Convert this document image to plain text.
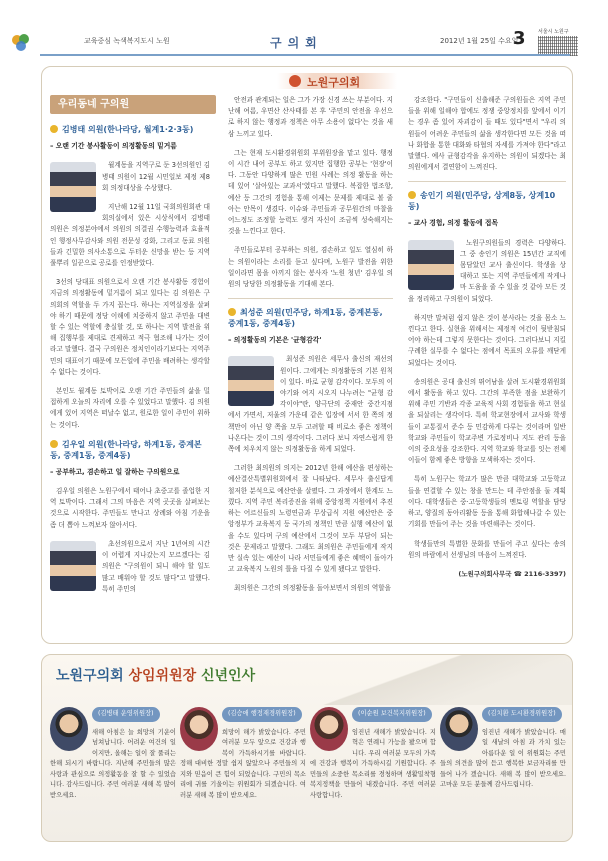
교육중심 녹색복지도시 노원	구의회	2012년 1월 25일 수요일
3 서울시 노원구
노원구의회
우리동네 구의원
김병태 의원(한나라당, 월계1·2·3동)
– 오랜 기간 봉사활동이 의정활동의 밑거름

월계동을 지역구로 둔 3선의원인 김병태 의원이 12월 시민일보 제정 제8회 의정대상을 수상했다.

지난해 12월 11일 국회의원회관 대회의실에서 있은 시상식에서 김병태 의원은 의정분야에서 의원의 의결권 수행능력과 효율적인 행정사무감사와 의원 전문성 강화, 그리고 동료 의원들과 긴밀한 의사소통으로 두터운 신망을 받는 등 지역 풀뿌리 일꾼으로 공로를 인정받았다.

3선의 당대표 의원으로서 오랜 기간 봉사활동 경험이 지금의 의정활동에 밑거름이 되고 있다는 김 의원은 구의회의 역할을 두 가지 꼽는다. 하나는 지역실정을 살펴야 하기 때문에 정당 이해에 치중하지 않고 주민을 대변할 수 있는 역할에 충실할 것, 또 하나는 지역 발전을 위해 집행부를 제대로 견제하고 적극 협조해 나가는 것이라고 말했다. 결국 구의원은 정치인이라기보다는 지역주민의 대표이기 때문에 모든일에 주민을 배려하는 생각할 수 없다는 것이다.

본인도 월계동 토박이로 오랜 기간 주민들의 삶을 밀접하게 오늘의 자리에 오를 수 있었다고 말했다. 김 의원에게 있어 지역은 떠날수 없고, 원로한 일이 주민이 위하는 것이다.

김우일 의원(한나라당, 하계1동, 중계본동, 중계1동, 중계4동)
– 공부하고, 겸손하고 일 잘하는 구의원으로

김우일 의원은 노원구에서 태어나 초중고를 졸업한 지역 토박이다. 그래서 그의 마음은 지역 곳곳을 살펴보는 것으로 시작한다. 주민들도 만나고 상례와 아침 기운을 좀 더 뽑아 느껴보자 않아서다.

초선의원으로서 지난 1년여의 시간이 어렵게 지나갔는지 모르겠다는 김 의원은 "구의원이 되니 해야 할 일도 많고 배워야 할 것도 많다"고 말했다. 특히 주민의

안전과 관계되는 일은 그가 가장 신경 쓰는 부분이다. 지난해 여름, 우면산 산사태를 본 후 '주민의 안전을 우선으로 하지 않는 행정과 정책은 아무 소용이 없다'는 것을 새삼 느끼고 있다.

그는 현재 도시환경위원회 부위원장을 맡고 있다. 행정이 시간 내어 공부도 하고 있지만 집행한 공부는 '현장'이다. 그동안 다양하게 많은 민원 사례는 의정 활동을 하는데 있어 '살아있는 교과서'였다고 말했다. 복잡한 법조항, 예산 등 그간의 경험을 통해 이제는 문제를 제대로 볼 줄 아는 안목이 생겼다. 이슈와 주민들과 공무원간의 마찰을 어느정도 조정할 능력도 생겨 자신이 조금씩 성숙해지는 것을 느낀다고 한다.

주민들로부터 공부하는 의원, 겸손하고 일도 열심히 하는 의원이라는 소리를 듣고 싶다며, 노원구 발전을 위한 일이라면 몸을 아끼지 않는 봉사자 '노원 청년' 김우일 의원의 당당한 의정활동을 기대해 본다.

최성준 의원(민주당, 하계1동, 중계본동, 중계1동, 중계4동)
– 의정활동의 기본은 '균형감각'

최성준 의원은 세무사 출신의 재선의원이다. 그에게는 의정활동의 기본 원칙이 있다. 바로 균형 감각이다. 모두의 이야기와 여지 시오지 나누려는 "균형 감각이야"란, 양극단의 중재안 중간지점에서 가면서, 저울의 가운데 같은 입장에 서서 한 쪽의 정책만이 아닌 양 쪽을 모두 고려할 때 비로소 좋은 정책이 나온다는 것이 그의 생각이다. 그러다 보니 자연스럽게 한쪽에 치우치지 않는 의정활동을 하게 되었다.

그러한 최의원의 의지는 2012년 한해 예산을 편성하는 예산결산특별위원회에서 잘 나타났다. 세무사 출신답게 철저한 분석으로 예산안을 살폈다. 그 과정에서 한계도 느꼈다. 지역 주민 복리증진을 위해 중앙정책 지원에서 추진하는 어르신들의 노령연금과 무상급식 지원 예산안은 중앙정부가 교육복지 등 국가의 정책인 만큼 실행 예산이 없을 수도 있다며 구의 예산에서 그것이 모두 부담이 되는 것은 문제라고 말했다. 그래도 최의원은 주민들에게 작지만 실속 있는 예산이 나라 서민들에게 좋은 혜택이 돌아가고 교육복지 노원의 틀을 다질 수 있게 됐다고 말한다.

최의원은 그간의 의정활동을 돌아보면서 의원의 역할을

강조한다. "구민들이 신출해준 구의원들은 지역 주민들을 위해 일해야 합에도 정쟁 중앙정치를 앞에서 이기는 경우 좀 있어 자괴감이 들 때도 있다"면서 "우리 의원들이 어려운 주민들의 삶을 생각한다면 모든 것을 떠나 화합을 통한 대화와 타협의 자세를 가져야 한다"라고 말했다. 예사 균형감각을 유지하는 의원이 되겠다는 최 의원에게서 결연함이 느껴진다.

송인기 의원(민주당, 상계8동, 상계10동)
– 교사 경험, 의정 활동에 접목

노원구의원들의 경력은 다양하다. 그 중 송인기 의원은 15년간 교직에 몸담았던 교사 출신이다. 학생을 상대하고 또는 지역 주민들에게 작게나마 도움을 줄 수 있을 것 같아 모든 것을 정리하고 구의원이 되었다.

하지만 말처럼 쉽지 않은 것이 봉사라는 것을 몸소 느낀다고 한다. 실현을 위해서는 제정적 여건이 뒷받침되어야 하는데 그렇지 못한다는 것이다. 그러다보니 지킬 구례한 실무를 수 없다는 점에서 목표의 오류를 깨닫게 되었다는 것이다.

송의원은 공대 출신의 뛰어남을 살려 도시환경위원회에서 활동을 하고 있다. 그간의 부족한 점을 보완하기 위해 주민 기반과 각종 교육적 사회 경험들을 하고 현실을 되살리는 생각이다. 특히 학교현장에서 교사와 학생들이 교통질서 준수 등 민감하게 다루는 것이라며 일반 학교와 주민들이 학교주변 가로정비나 지도 관리 등을 이의 중요성을 강조한다. 지역 학교와 학교를 잇는 전체 이들이 함께 좋은 방향을 모색하자는 것이다.

특히 노원구는 학교가 많은 만큼 대학교와 고등학교들을 연결할 수 있는 창을 만드는 데 주안점을 둘 계획이다. 대학생들은 중·고등학생들의 멘토링 역할을 담당하고, 양질의 동아리활동 등을 통해 화합해나갈 수 있는 기회를 만들어 주는 것을 마련해주는 것이다.

학생들만의 특별한 문화를 만들어 주고 싶다는 송의원의 바람에서 선생님의 마음이 느껴진다.

(노원구의회사무국 ☎ 2116-3397)
노원구의회 상임위원장 신년인사
(김병태 운영위원장)
새해 아침은 늘 희망의 기운이 넘쳐납니다. 어려운 여건의 일이지만, 올해는 일이 잘 풀리는 한해 되시기 바랍니다. 지난해 주민들의 많은 사랑과 관심으로 의정활동을 잘 할 수 있었습니다. 감사드립니다. 주민 여러분 새해 복 많이 받으세요.
(김승애 행정재경위원장)
희망이 해가 밝았습니다. 주민 여러분 모두 앞으로 건강과 행복이 가득하시기를 바랍니다. 정해 대비한 정말 쉽지 않았으나 주민들의 지지와 믿음이 큰 힘이 되었습니다. 구민의 목소리에 귀를 기울이는 위원회가 되겠습니다. 여러분 새해 복 많이 받으세요.
(이순원 보건복지위원장)
임진년 새해가 밝았습니다. 지혁은 연례니 가능을 봤으며 합니다. 우리 여러분 모두의 가족에 건강과 행복이 가득하시길 기원합니다. 주민들의 소중한 목소리를 경청하며 생활밀착형 복지정책을 만들어 내겠습니다. 주민 여러분 사랑합니다.
(김치환 도시환경위원장)
임진년 새해가 밝았습니다. 매일 새날의 아침 과 가치 있는 아름다운 일 이 위원회는 주민들의 의견을 많이 듣고 행복한 보금자리를 만들어 나가 겠습니다. 새해 복 많이 받으세요. 고마운 모든 분들께 감사드립니다.
